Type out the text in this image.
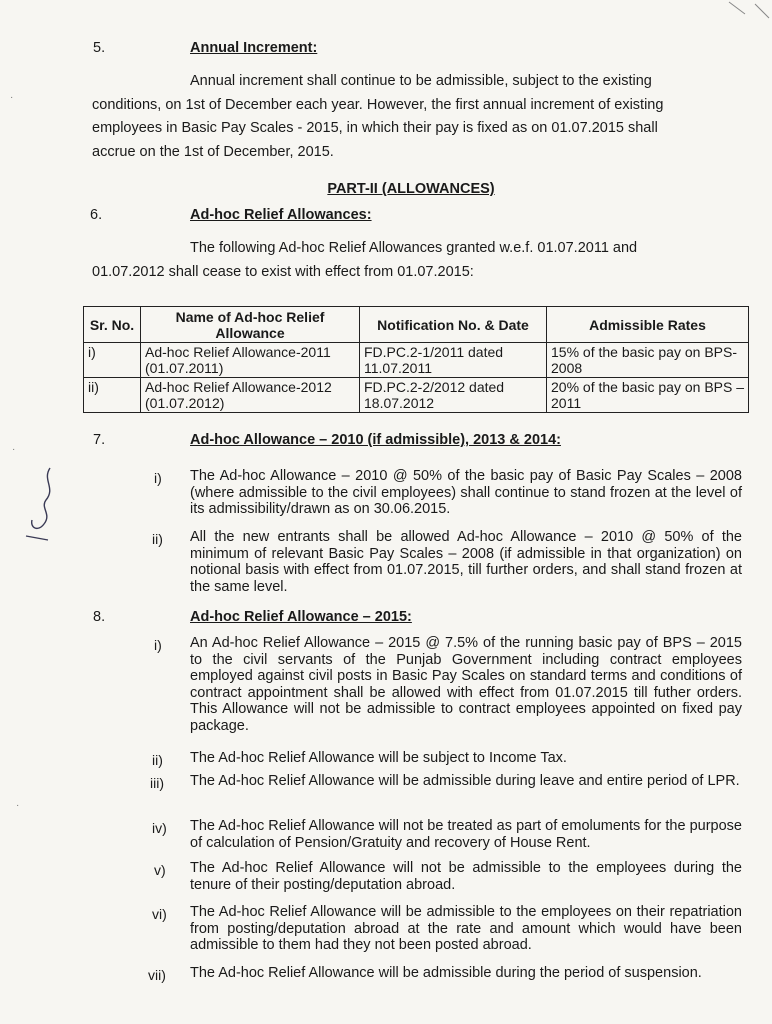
5.	Annual Increment:
Annual increment shall continue to be admissible, subject to the existing
conditions, on 1st of December each year. However, the first annual increment of existing
employees in Basic Pay Scales - 2015, in which their pay is fixed as on 01.07.2015 shall
accrue on the 1st of December, 2015.
PART-II (ALLOWANCES)
6.	Ad-hoc Relief Allowances:
The following Ad-hoc Relief Allowances granted w.e.f. 01.07.2011 and
01.07.2012 shall cease to exist with effect from 01.07.2015:
Sr. No.	Name of Ad-hoc Relief Allowance	Notification No. & Date	Admissible Rates
i)	Ad-hoc Relief Allowance-2011 (01.07.2011)	FD.PC.2-1/2011 dated 11.07.2011	15% of the basic pay on BPS-2008
ii)	Ad-hoc Relief Allowance-2012 (01.07.2012)	FD.PC.2-2/2012 dated 18.07.2012	20% of the basic pay on BPS – 2011
7.	Ad-hoc Allowance – 2010 (if admissible), 2013 & 2014:
i) The Ad-hoc Allowance – 2010 @ 50% of the basic pay of Basic Pay Scales – 2008 (where admissible to the civil employees) shall continue to stand frozen at the level of its admissibility/drawn as on 30.06.2015.
ii) All the new entrants shall be allowed Ad-hoc Allowance – 2010 @ 50% of the minimum of relevant Basic Pay Scales – 2008 (if admissible in that organization) on notional basis with effect from 01.07.2015, till further orders, and shall stand frozen at the same level.
8.	Ad-hoc Relief Allowance – 2015:
i) An Ad-hoc Relief Allowance – 2015 @ 7.5% of the running basic pay of BPS – 2015 to the civil servants of the Punjab Government including contract employees employed against civil posts in Basic Pay Scales on standard terms and conditions of contract appointment shall be allowed with effect from 01.07.2015 till futher orders. This Allowance will not be admissible to contract employees appointed on fixed pay package.
ii) The Ad-hoc Relief Allowance will be subject to Income Tax.
iii) The Ad-hoc Relief Allowance will be admissible during leave and entire period of LPR.
iv) The Ad-hoc Relief Allowance will not be treated as part of emoluments for the purpose of calculation of Pension/Gratuity and recovery of House Rent.
v) The Ad-hoc Relief Allowance will not be admissible to the employees during the tenure of their posting/deputation abroad.
vi) The Ad-hoc Relief Allowance will be admissible to the employees on their repatriation from posting/deputation abroad at the rate and amount which would have been admissible to them had they not been posted abroad.
vii) The Ad-hoc Relief Allowance will be admissible during the period of suspension.
·
·
·
